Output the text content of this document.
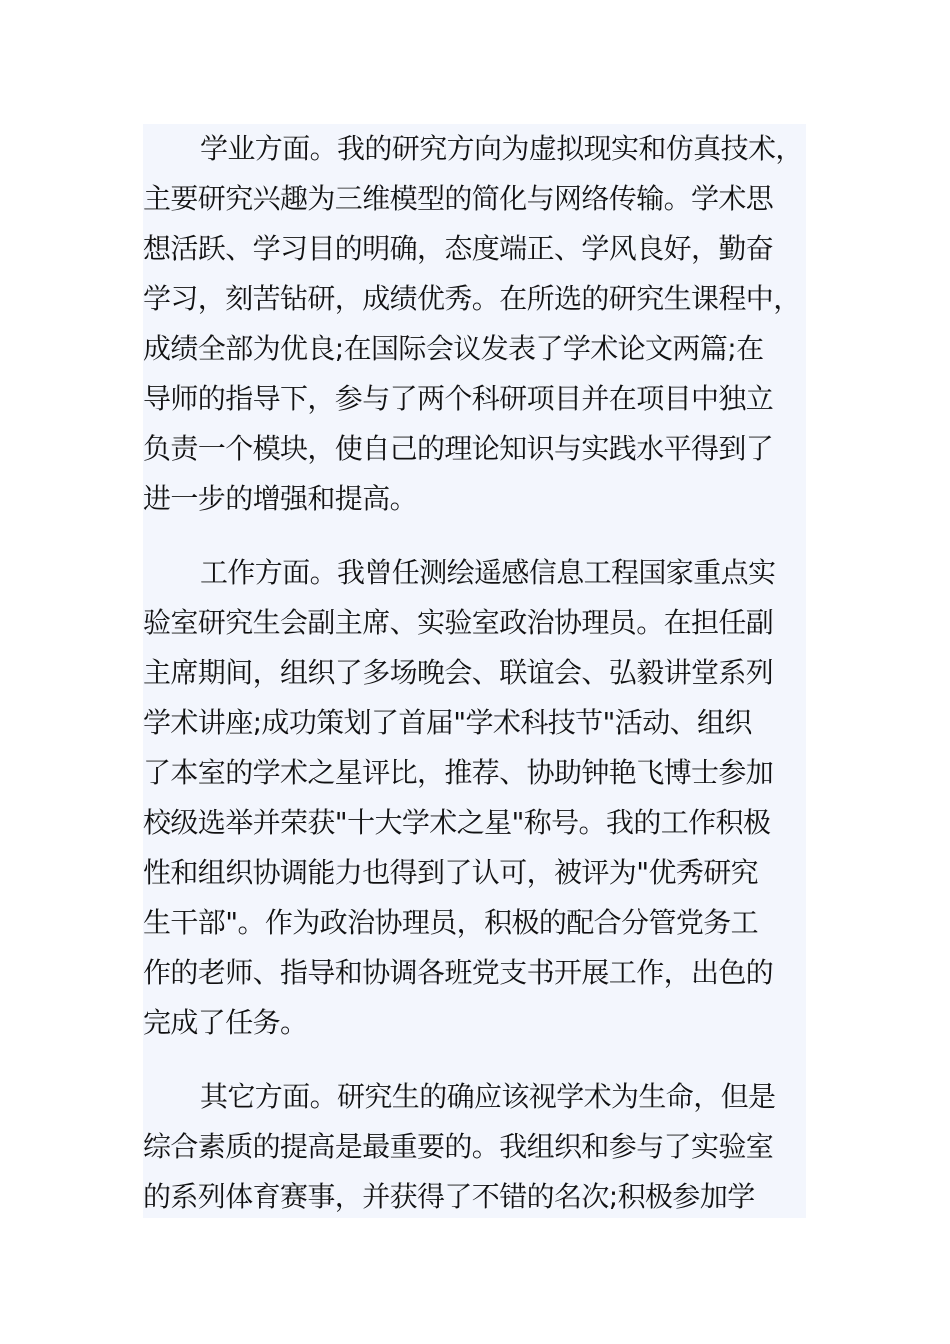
学业方面。我的研究方向为虚拟现实和仿真技术，
主要研究兴趣为三维模型的简化与网络传输。学术思
想活跃、学习目的明确，态度端正、学风良好，勤奋
学习，刻苦钻研，成绩优秀。在所选的研究生课程中，
成绩全部为优良;在国际会议发表了学术论文两篇;在
导师的指导下，参与了两个科研项目并在项目中独立
负责一个模块，使自己的理论知识与实践水平得到了
进一步的增强和提高。

工作方面。我曾任测绘遥感信息工程国家重点实
验室研究生会副主席、实验室政治协理员。在担任副
主席期间，组织了多场晚会、联谊会、弘毅讲堂系列
学术讲座;成功策划了首届"学术科技节"活动、组织
了本室的学术之星评比，推荐、协助钟艳飞博士参加
校级选举并荣获"十大学术之星"称号。我的工作积极
性和组织协调能力也得到了认可，被评为"优秀研究
生干部"。作为政治协理员，积极的配合分管党务工
作的老师、指导和协调各班党支书开展工作，出色的
完成了任务。

其它方面。研究生的确应该视学术为生命，但是
综合素质的提高是最重要的。我组织和参与了实验室
的系列体育赛事，并获得了不错的名次;积极参加学
